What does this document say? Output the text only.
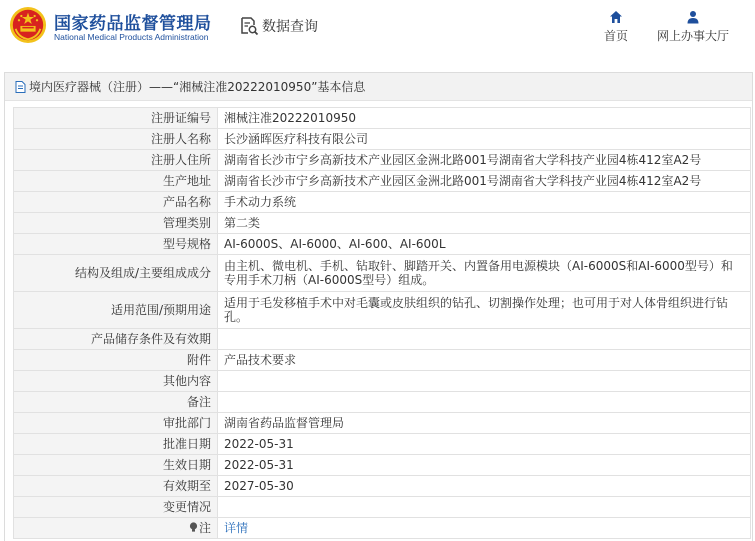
国家药品监督管理局
National Medical Products Administration
数据查询
首页	网上办事大厅
境内医疗器械（注册）——“湘械注准20222010950”基本信息
注册证编号	湘械注准20222010950
注册人名称	长沙涵晖医疗科技有限公司
注册人住所	湖南省长沙市宁乡高新技术产业园区金洲北路001号湖南省大学科技产业园4栋412室A2号
生产地址	湖南省长沙市宁乡高新技术产业园区金洲北路001号湖南省大学科技产业园4栋412室A2号
产品名称	手术动力系统
管理类别	第二类
型号规格	AI-6000S、AI-6000、AI-600、AI-600L
结构及组成/主要组成成分	由主机、微电机、手机、钻取针、脚踏开关、内置备用电源模块（AI-6000S和AI-6000型号）和专用手术刀柄（AI-6000S型号）组成。
适用范围/预期用途	适用于毛发移植手术中对毛囊或皮肤组织的钻孔、切割操作处理；也可用于对人体骨组织进行钻孔。
产品储存条件及有效期	
附件	产品技术要求
其他内容	
备注	
审批部门	湖南省药品监督管理局
批准日期	2022-05-31
生效日期	2022-05-31
有效期至	2027-05-30
变更情况	
注	详情
